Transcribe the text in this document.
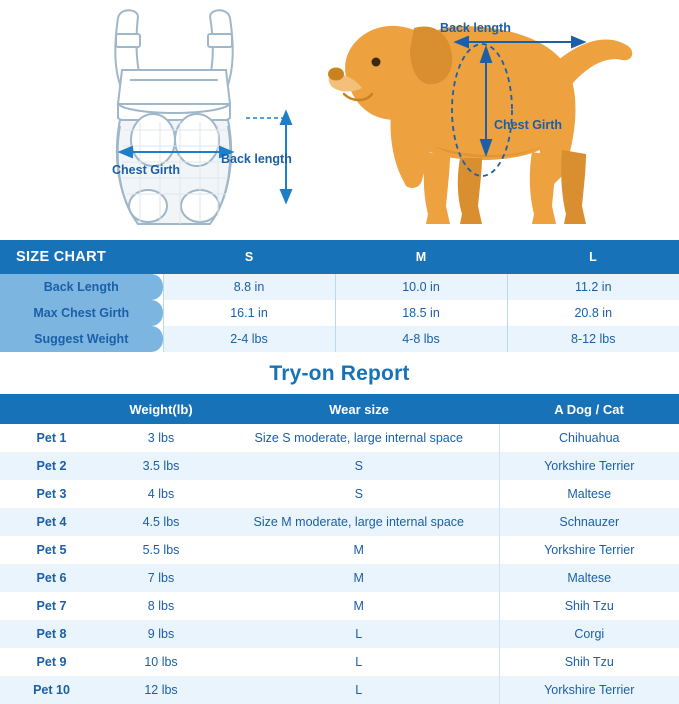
Chest Girth
Back length
Back length
Chest Girth
SIZE CHART	S	M	L
Back Length	8.8 in	10.0 in	11.2 in
Max Chest Girth	16.1 in	18.5 in	20.8 in
Suggest Weight	2-4 lbs	4-8 lbs	8-12 lbs
Try-on Report
	Weight(lb)	Wear size	A Dog / Cat
Pet 1	3 lbs	Size S moderate, large internal space	Chihuahua
Pet 2	3.5 lbs	S	Yorkshire Terrier
Pet 3	4 lbs	S	Maltese
Pet 4	4.5 lbs	Size M moderate, large internal space	Schnauzer
Pet 5	5.5 lbs	M	Yorkshire Terrier
Pet 6	7 lbs	M	Maltese
Pet 7	8 lbs	M	Shih Tzu
Pet 8	9 lbs	L	Corgi
Pet 9	10 lbs	L	Shih Tzu
Pet 10	12 lbs	L	Yorkshire Terrier
